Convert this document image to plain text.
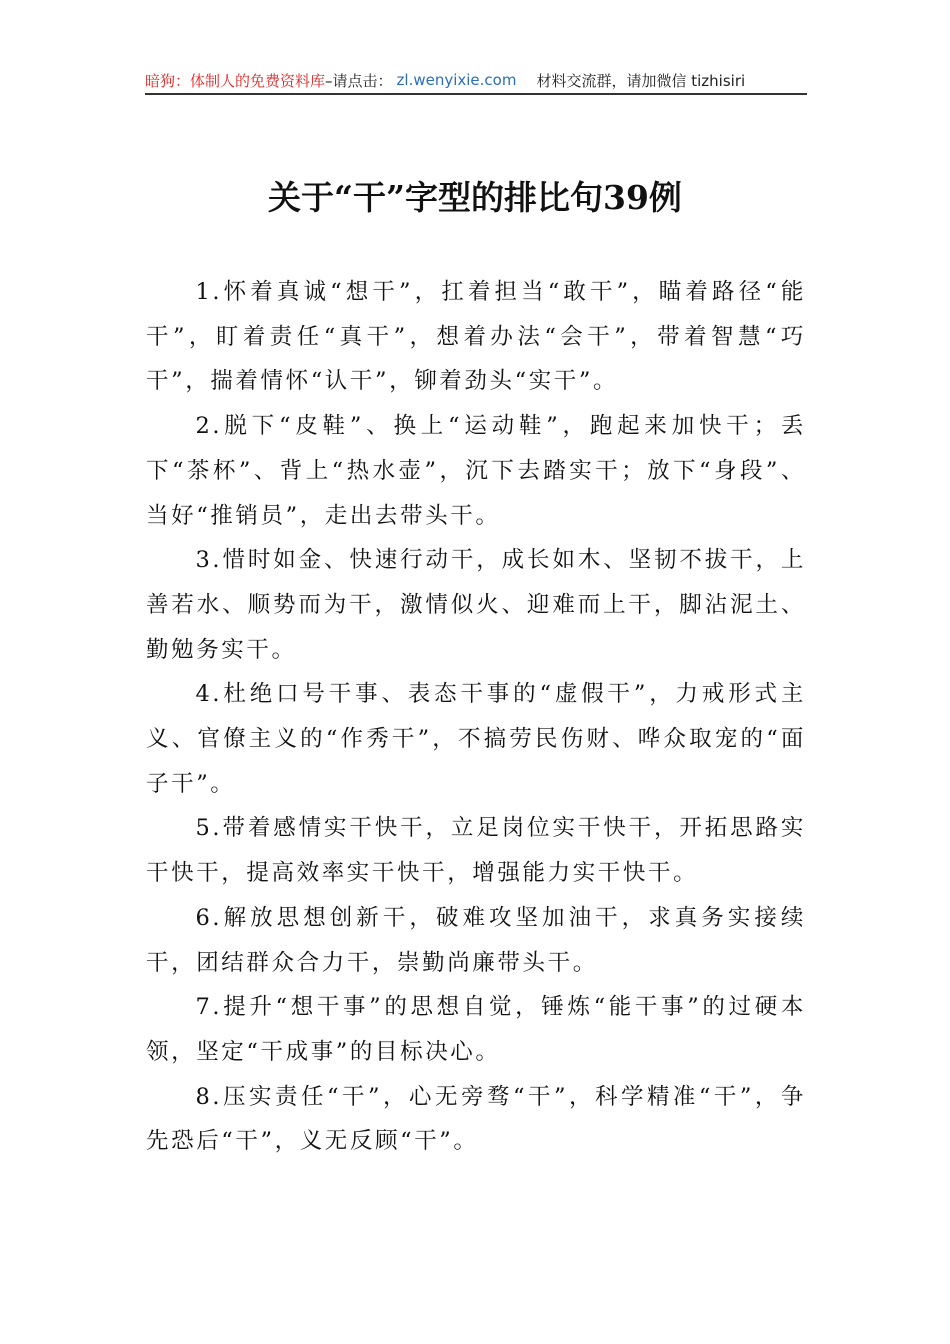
暗狗：体制人的免费资料库 –请点击： zl.wenyixie.com 材料交流群，请加微信 tizhisiri
关于“干”字型的排比句39例

1.怀着真诚“想干”，扛着担当“敢干”，瞄着路径“能干”，盯着责任“真干”，想着办法“会干”，带着智慧“巧干”，揣着情怀“认干”，铆着劲头“实干”。

2.脱下“皮鞋”、换上“运动鞋”，跑起来加快干；丢下“茶杯”、背上“热水壶”，沉下去踏实干；放下“身段”、当好“推销员”，走出去带头干。

3.惜时如金、快速行动干，成长如木、坚韧不拔干，上善若水、顺势而为干，激情似火、迎难而上干，脚沾泥土、勤勉务实干。

4.杜绝口号干事、表态干事的“虚假干”，力戒形式主义、官僚主义的“作秀干”，不搞劳民伤财、哗众取宠的“面子干”。

5.带着感情实干快干，立足岗位实干快干，开拓思路实干快干，提高效率实干快干，增强能力实干快干。

6.解放思想创新干，破难攻坚加油干，求真务实接续干，团结群众合力干，崇勤尚廉带头干。

7.提升“想干事”的思想自觉，锤炼“能干事”的过硬本领，坚定“干成事”的目标决心。

8.压实责任“干”，心无旁骛“干”，科学精准“干”，争先恐后“干”，义无反顾“干”。
